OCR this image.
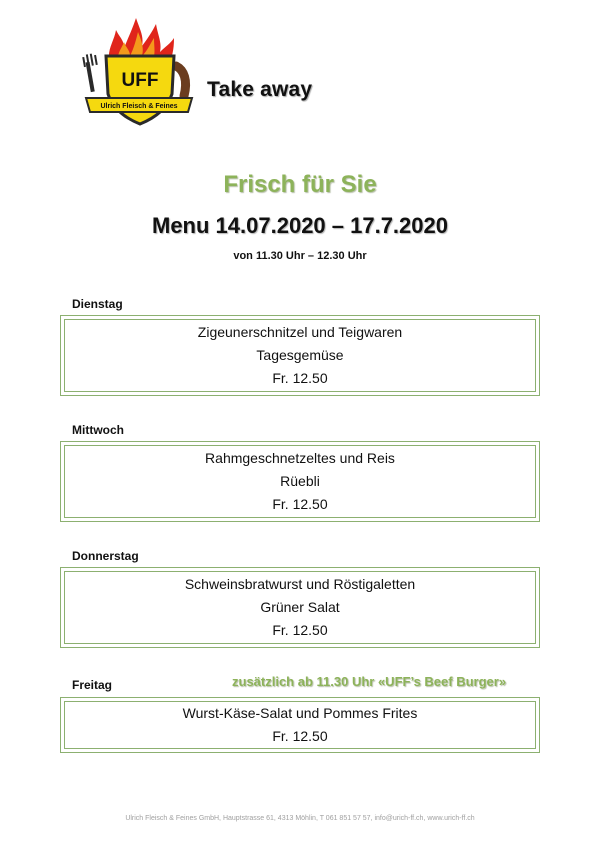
UFF
Ulrich Fleisch & Feines
Take away
Frisch für Sie
Menu 14.07.2020 – 17.7.2020
von 11.30 Uhr – 12.30 Uhr
Dienstag
Zigeunerschnitzel und Teigwaren
Tagesgemüse
Fr. 12.50
Mittwoch
Rahmgeschnetzeltes und Reis
Rüebli
Fr. 12.50
Donnerstag
Schweinsbratwurst und Röstigaletten
Grüner Salat
Fr. 12.50
Freitag	zusätzlich ab 11.30 Uhr «UFF’s Beef Burger»
Wurst-Käse-Salat und Pommes Frites
Fr. 12.50
Ulrich Fleisch & Feines GmbH, Hauptstrasse 61, 4313 Möhlin, T 061 851 57 57, info@urich-ff.ch, www.urich-ff.ch
